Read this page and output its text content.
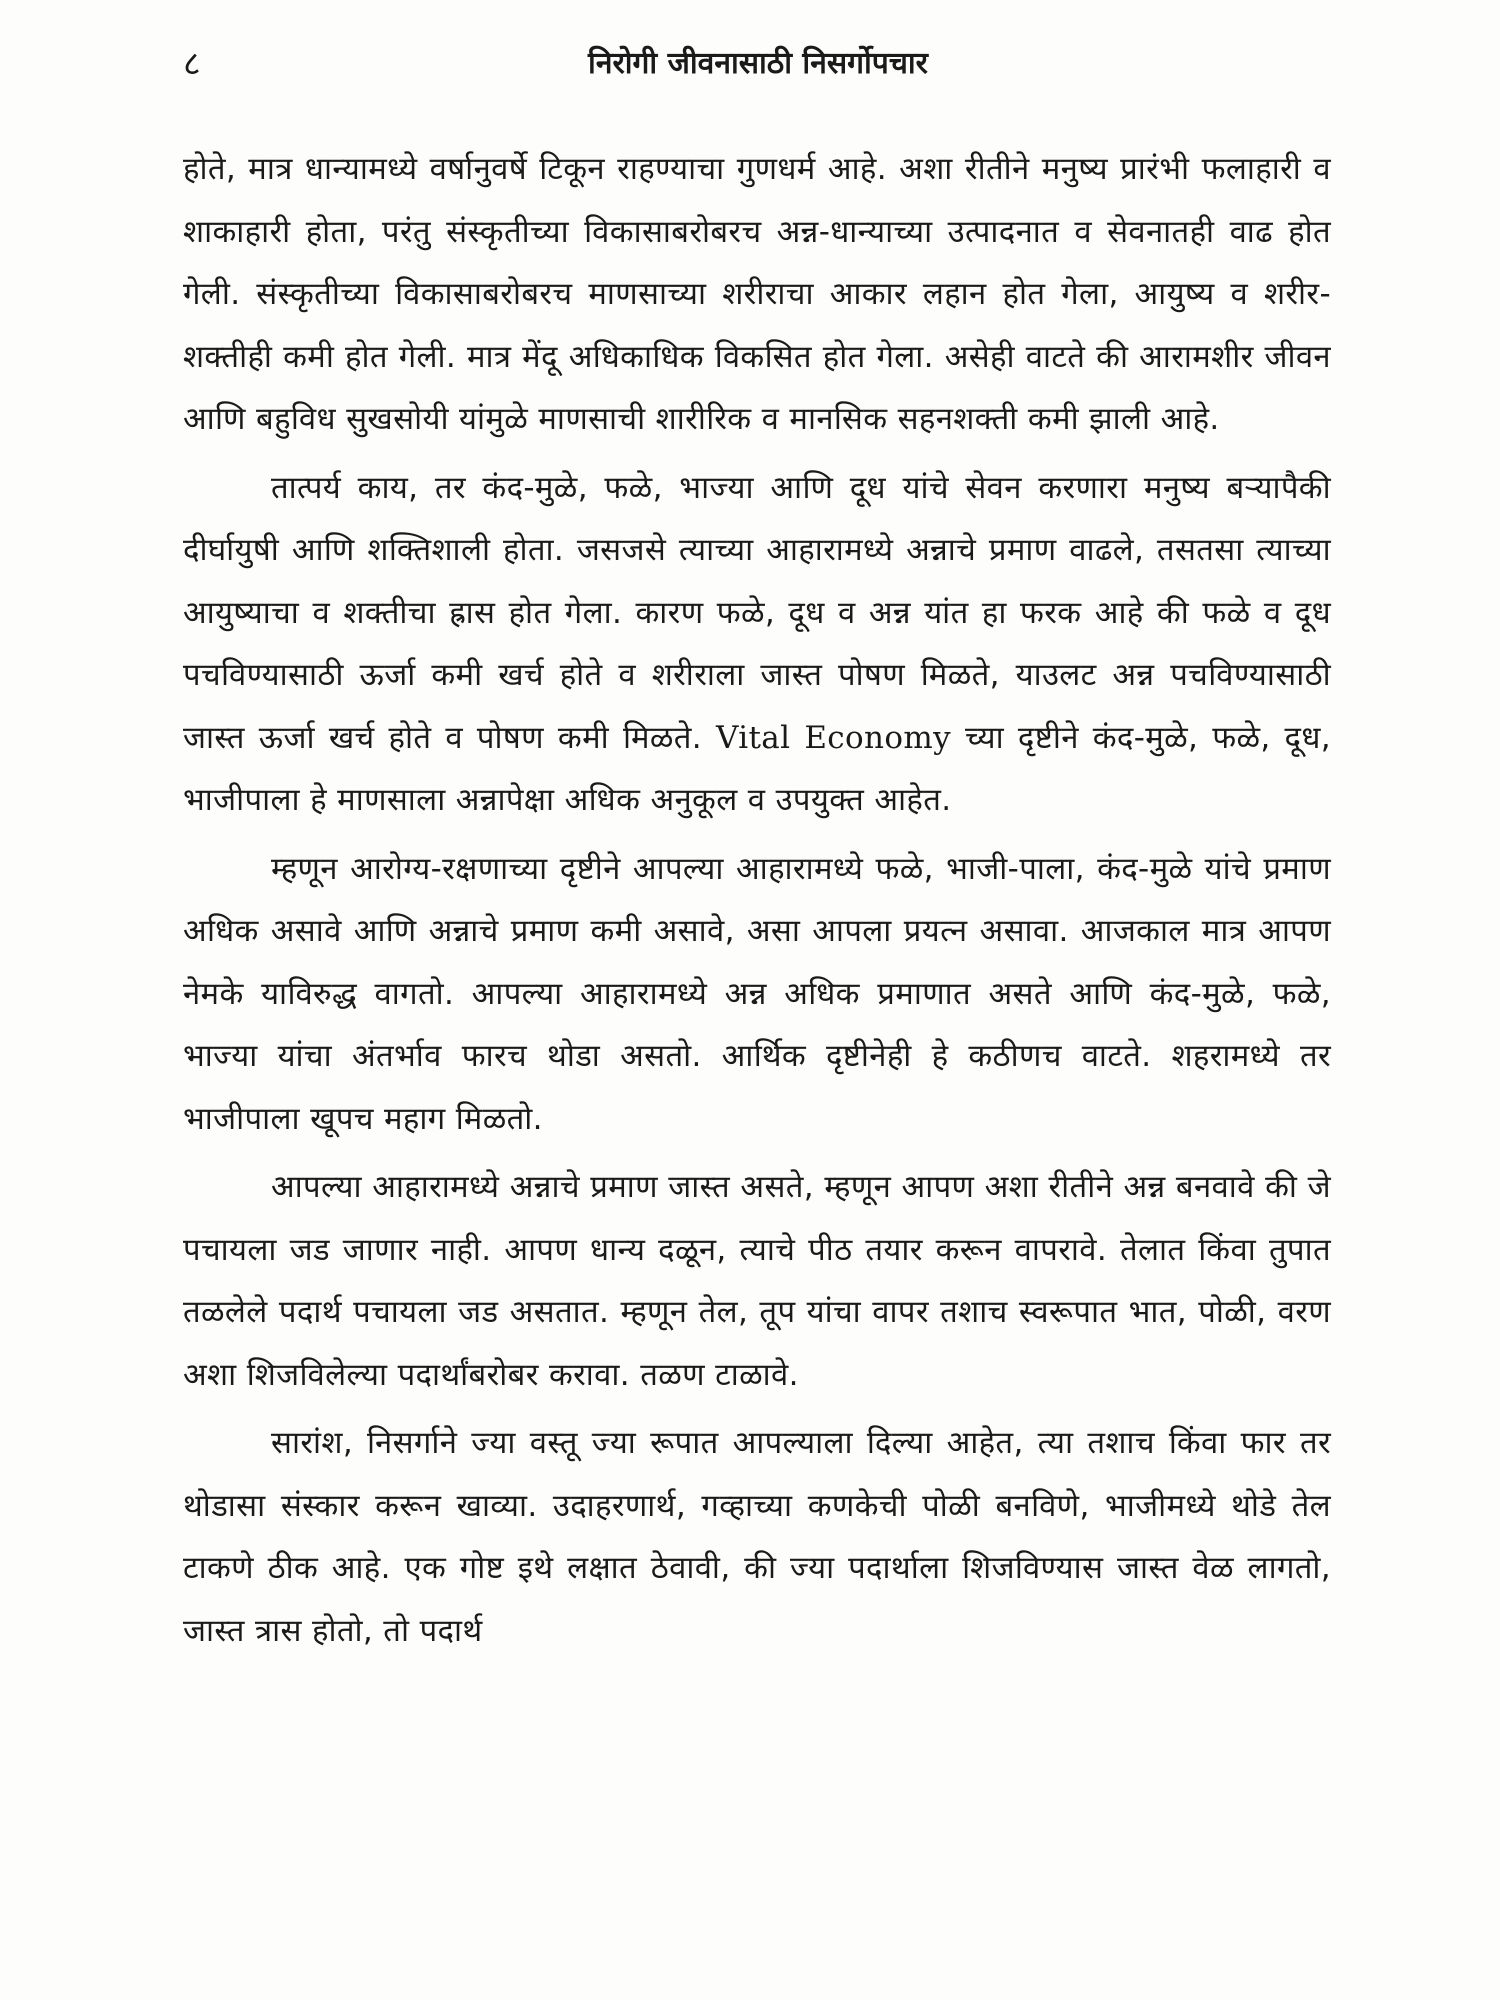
८	निरोगी जीवनासाठी निसर्गोपचार

होते, मात्र धान्यामध्ये वर्षानुवर्षे टिकून राहण्याचा गुणधर्म आहे. अशा रीतीने मनुष्य प्रारंभी फलाहारी व शाकाहारी होता, परंतु संस्कृतीच्या विकासाबरोबरच अन्न-धान्याच्या उत्पादनात व सेवनातही वाढ होत गेली. संस्कृतीच्या विकासाबरोबरच माणसाच्या शरीराचा आकार लहान होत गेला, आयुष्य व शरीर-शक्तीही कमी होत गेली. मात्र मेंदू अधिकाधिक विकसित होत गेला. असेही वाटते की आरामशीर जीवन आणि बहुविध सुखसोयी यांमुळे माणसाची शारीरिक व मानसिक सहनशक्ती कमी झाली आहे.

तात्पर्य काय, तर कंद-मुळे, फळे, भाज्या आणि दूध यांचे सेवन करणारा मनुष्य बऱ्यापैकी दीर्घायुषी आणि शक्तिशाली होता. जसजसे त्याच्या आहारामध्ये अन्नाचे प्रमाण वाढले, तसतसा त्याच्या आयुष्याचा व शक्तीचा ह्रास होत गेला. कारण फळे, दूध व अन्न यांत हा फरक आहे की फळे व दूध पचविण्यासाठी ऊर्जा कमी खर्च होते व शरीराला जास्त पोषण मिळते, याउलट अन्न पचविण्यासाठी जास्त ऊर्जा खर्च होते व पोषण कमी मिळते. Vital Economy च्या दृष्टीने कंद-मुळे, फळे, दूध, भाजीपाला हे माणसाला अन्नापेक्षा अधिक अनुकूल व उपयुक्त आहेत.

म्हणून आरोग्य-रक्षणाच्या दृष्टीने आपल्या आहारामध्ये फळे, भाजी-पाला, कंद-मुळे यांचे प्रमाण अधिक असावे आणि अन्नाचे प्रमाण कमी असावे, असा आपला प्रयत्न असावा. आजकाल मात्र आपण नेमके याविरुद्ध वागतो. आपल्या आहारामध्ये अन्न अधिक प्रमाणात असते आणि कंद-मुळे, फळे, भाज्या यांचा अंतर्भाव फारच थोडा असतो. आर्थिक दृष्टीनेही हे कठीणच वाटते. शहरामध्ये तर भाजीपाला खूपच महाग मिळतो.

आपल्या आहारामध्ये अन्नाचे प्रमाण जास्त असते, म्हणून आपण अशा रीतीने अन्न बनवावे की जे पचायला जड जाणार नाही. आपण धान्य दळून, त्याचे पीठ तयार करून वापरावे. तेलात किंवा तुपात तळलेले पदार्थ पचायला जड असतात. म्हणून तेल, तूप यांचा वापर तशाच स्वरूपात भात, पोळी, वरण अशा शिजविलेल्या पदार्थांबरोबर करावा. तळण टाळावे.

सारांश, निसर्गाने ज्या वस्तू ज्या रूपात आपल्याला दिल्या आहेत, त्या तशाच किंवा फार तर थोडासा संस्कार करून खाव्या. उदाहरणार्थ, गव्हाच्या कणकेची पोळी बनविणे, भाजीमध्ये थोडे तेल टाकणे ठीक आहे. एक गोष्ट इथे लक्षात ठेवावी, की ज्या पदार्थाला शिजविण्यास जास्त वेळ लागतो, जास्त त्रास होतो, तो पदार्थ
